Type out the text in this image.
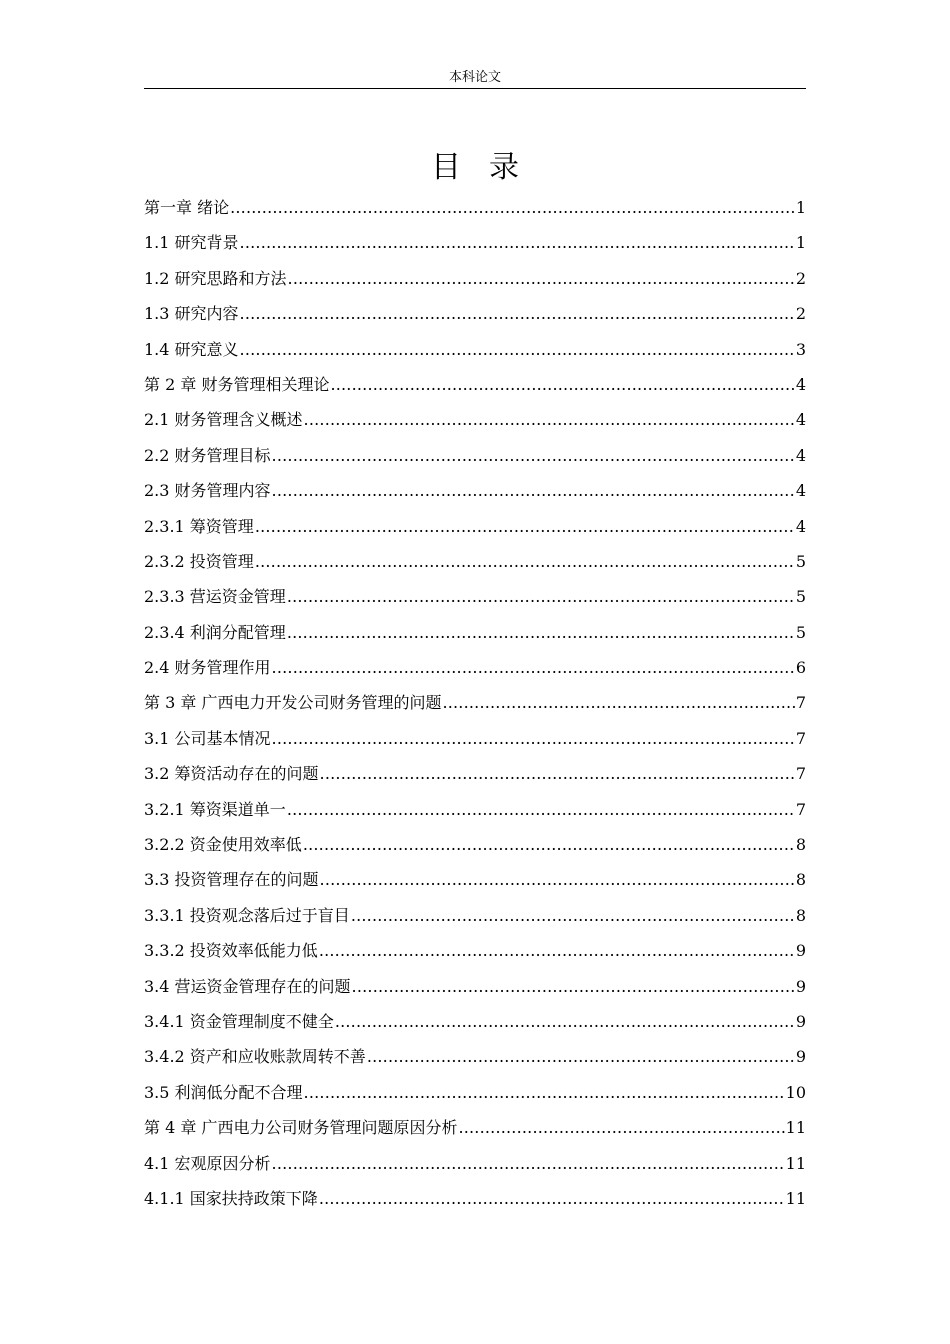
本科论文
目录
第一章 绪论 .....	1
1.1 研究背景 .....	1
1.2 研究思路和方法 .....	2
1.3 研究内容 .....	2
1.4 研究意义 .....	3
第 2 章 财务管理相关理论 .....	4
2.1 财务管理含义概述 .....	4
2.2 财务管理目标 .....	4
2.3 财务管理内容 .....	4
2.3.1 筹资管理 .....	4
2.3.2 投资管理 .....	5
2.3.3 营运资金管理 .....	5
2.3.4 利润分配管理 .....	5
2.4 财务管理作用 .....	6
第 3 章 广西电力开发公司财务管理的问题 .....	7
3.1 公司基本情况 .....	7
3.2 筹资活动存在的问题 .....	7
3.2.1 筹资渠道单一 .....	7
3.2.2 资金使用效率低 .....	8
3.3 投资管理存在的问题 .....	8
3.3.1 投资观念落后过于盲目 .....	8
3.3.2 投资效率低能力低 .....	9
3.4 营运资金管理存在的问题 .....	9
3.4.1 资金管理制度不健全 .....	9
3.4.2 资产和应收账款周转不善 .....	9
3.5 利润低分配不合理 .....	10
第 4 章 广西电力公司财务管理问题原因分析 .....	11
4.1 宏观原因分析 .....	11
4.1.1 国家扶持政策下降 .....	11
